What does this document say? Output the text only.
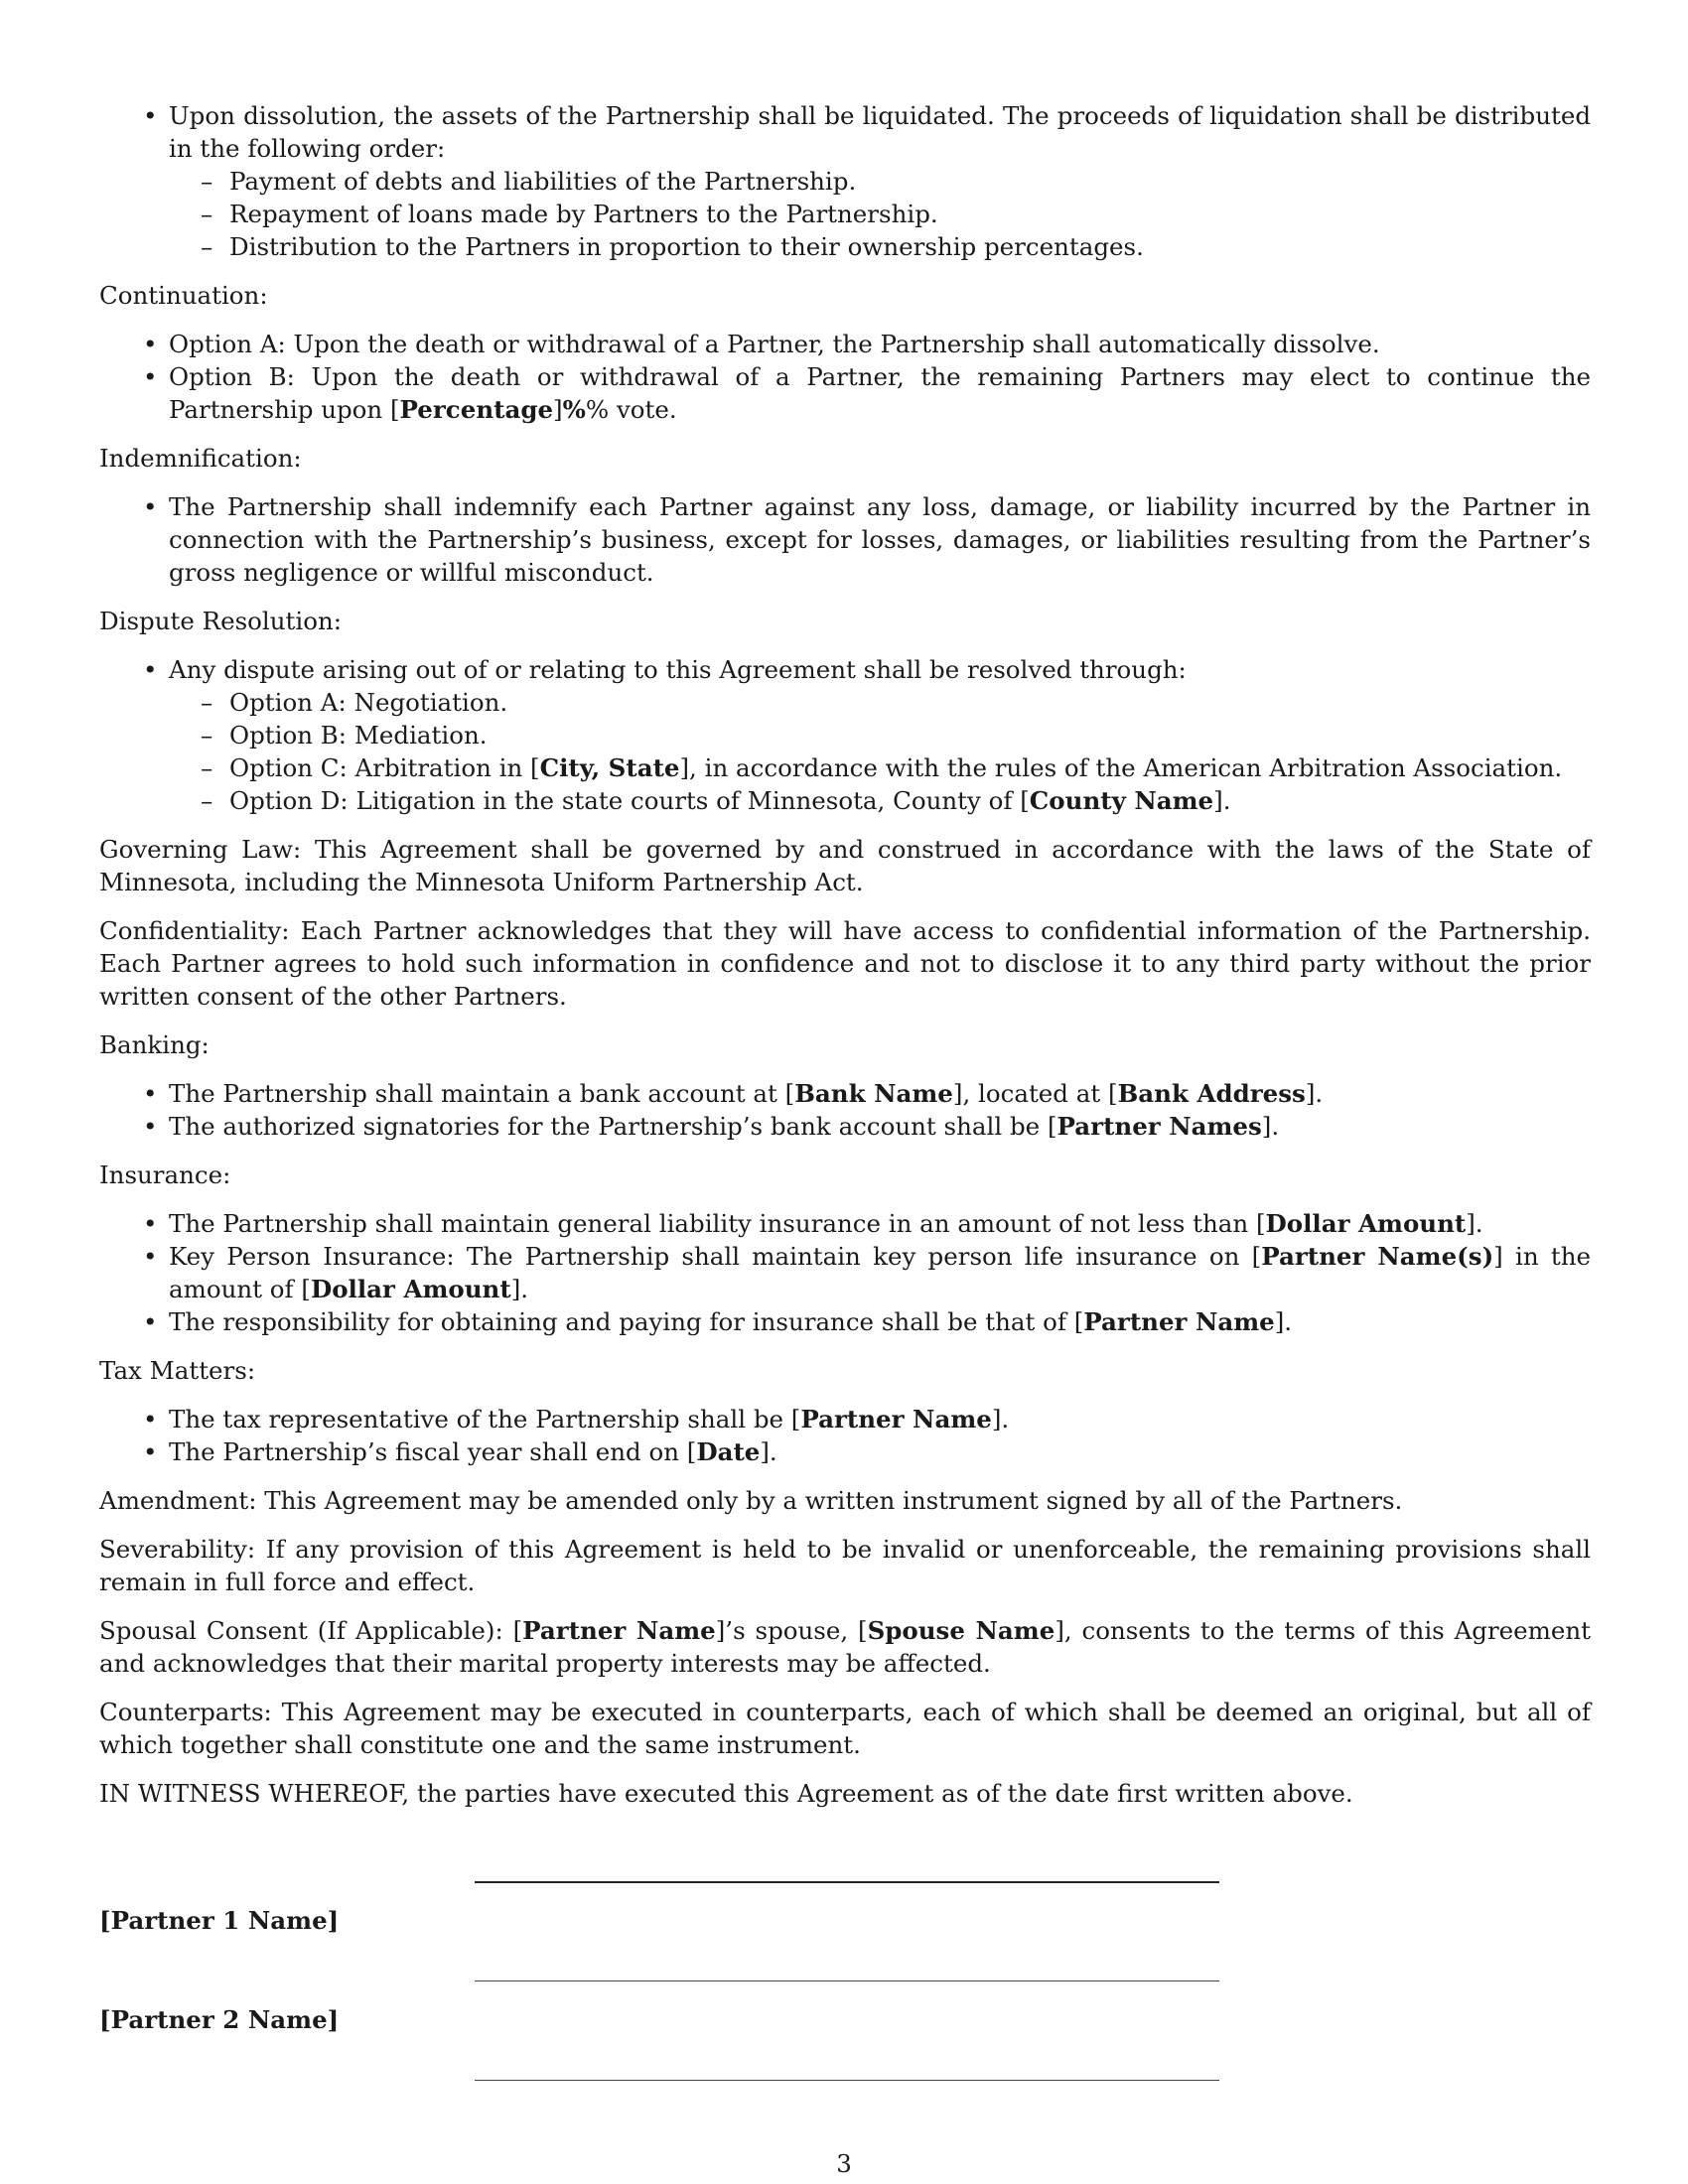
• Upon dissolution, the assets of the Partnership shall be liquidated. The proceeds of liquidation shall be distributed in the following order:
– Payment of debts and liabilities of the Partnership.
– Repayment of loans made by Partners to the Partnership.
– Distribution to the Partners in proportion to their ownership percentages.

Continuation:

• Option A: Upon the death or withdrawal of a Partner, the Partnership shall automatically dissolve.
• Option B: Upon the death or withdrawal of a Partner, the remaining Partners may elect to continue the Partnership upon [Percentage]%% vote.

Indemnification:

• The Partnership shall indemnify each Partner against any loss, damage, or liability incurred by the Partner in connection with the Partnership’s business, except for losses, damages, or liabilities resulting from the Partner’s gross negligence or willful misconduct.

Dispute Resolution:

• Any dispute arising out of or relating to this Agreement shall be resolved through:
– Option A: Negotiation.
– Option B: Mediation.
– Option C: Arbitration in [City, State], in accordance with the rules of the American Arbitration Association.
– Option D: Litigation in the state courts of Minnesota, County of [County Name].

Governing Law: This Agreement shall be governed by and construed in accordance with the laws of the State of Minnesota, including the Minnesota Uniform Partnership Act.

Confidentiality: Each Partner acknowledges that they will have access to confidential information of the Partnership. Each Partner agrees to hold such information in confidence and not to disclose it to any third party without the prior written consent of the other Partners.

Banking:

• The Partnership shall maintain a bank account at [Bank Name], located at [Bank Address].
• The authorized signatories for the Partnership’s bank account shall be [Partner Names].

Insurance:

• The Partnership shall maintain general liability insurance in an amount of not less than [Dollar Amount].
• Key Person Insurance: The Partnership shall maintain key person life insurance on [Partner Name(s)] in the amount of [Dollar Amount].
• The responsibility for obtaining and paying for insurance shall be that of [Partner Name].

Tax Matters:

• The tax representative of the Partnership shall be [Partner Name].
• The Partnership’s fiscal year shall end on [Date].

Amendment: This Agreement may be amended only by a written instrument signed by all of the Partners.

Severability: If any provision of this Agreement is held to be invalid or unenforceable, the remaining provisions shall remain in full force and effect.

Spousal Consent (If Applicable): [Partner Name]’s spouse, [Spouse Name], consents to the terms of this Agreement and acknowledges that their marital property interests may be affected.

Counterparts: This Agreement may be executed in counterparts, each of which shall be deemed an original, but all of which together shall constitute one and the same instrument.

IN WITNESS WHEREOF, the parties have executed this Agreement as of the date first written above.

[Partner 1 Name]
[Partner 2 Name]
3
